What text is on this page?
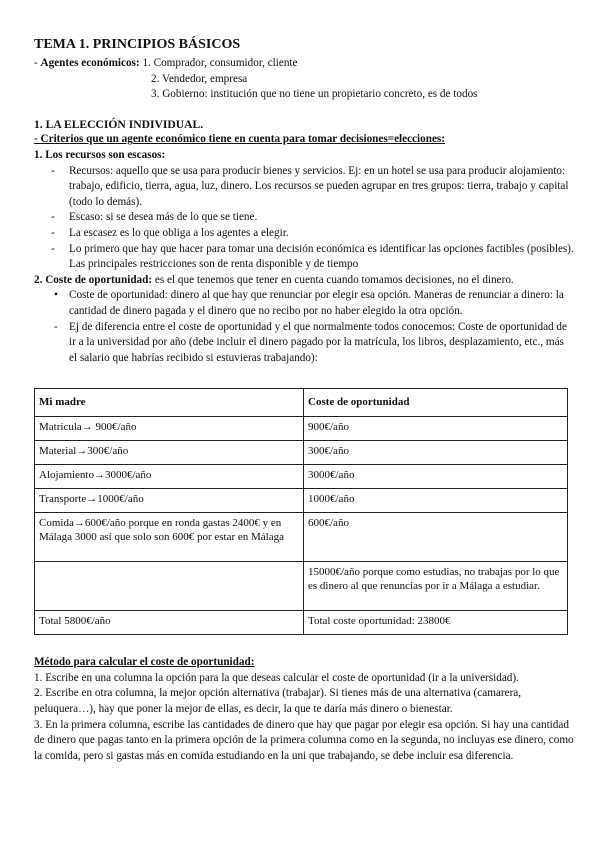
TEMA 1. PRINCIPIOS BÁSICOS
- Agentes económicos: 1. Comprador, consumidor, cliente
2. Vendedor, empresa
3. Gobierno: institución que no tiene un propietario concreto, es de todos
1. LA ELECCIÓN INDIVIDUAL.
- Criterios que un agente económico tiene en cuenta para tomar decisiones=elecciones:
1. Los recursos son escasos:
- Recursos: aquello que se usa para producir bienes y servicios. Ej: en un hotel se usa para producir alojamiento: trabajo, edificio, tierra, agua, luz, dinero. Los recursos se pueden agrupar en tres grupos: tierra, trabajo y capital (todo lo demás).
- Escaso: si se desea más de lo que se tiene.
- La escasez es lo que obliga a los agentes a elegir.
- Lo primero que hay que hacer para tomar una decisión económica es identificar las opciones factibles (posibles). Las principales restricciones son de renta disponible y de tiempo
2. Coste de oportunidad: es el que tenemos que tener en cuenta cuando tomamos decisiones, no el dinero.
• Coste de oportunidad: dinero al que hay que renunciar por elegir esa opción. Maneras de renunciar a dinero: la cantidad de dinero pagada y el dinero que no recibo por no haber elegido la otra opción.
- Ej de diferencia entre el coste de oportunidad y el que normalmente todos conocemos: Coste de oportunidad de ir a la universidad por año (debe incluir el dinero pagado por la matrícula, los libros, desplazamiento, etc., más el salario que habrías recibido si estuvieras trabajando):
Mi madre	Coste de oportunidad
Matrícula→ 900€/año	900€/año
Material→300€/año	300€/año
Alojamiento→3000€/año	3000€/año
Transporte→1000€/año	1000€/año
Comida→600€/año porque en ronda gastas 2400€ y en Málaga 3000 así que solo son 600€ por estar en Málaga	600€/año
	15000€/año porque como estudias, no trabajas por lo que es dinero al que renuncias por ir a Málaga a estudiar.
Total 5800€/año	Total coste oportunidad: 23800€
Método para calcular el coste de oportunidad:
1. Escribe en una columna la opción para la que deseas calcular el coste de oportunidad (ir a la universidad).
2. Escribe en otra columna, la mejor opción alternativa (trabajar). Si tienes más de una alternativa (camarera, peluquera…), hay que poner la mejor de ellas, es decir, la que te daría más dinero o bienestar.
3. En la primera columna, escribe las cantidades de dinero que hay que pagar por elegir esa opción. Si hay una cantidad de dinero que pagas tanto en la primera opción de la primera columna como en la segunda, no incluyas ese dinero, como la comida, pero si gastas más en comida estudiando en la uni que trabajando, se debe incluir esa diferencia.
